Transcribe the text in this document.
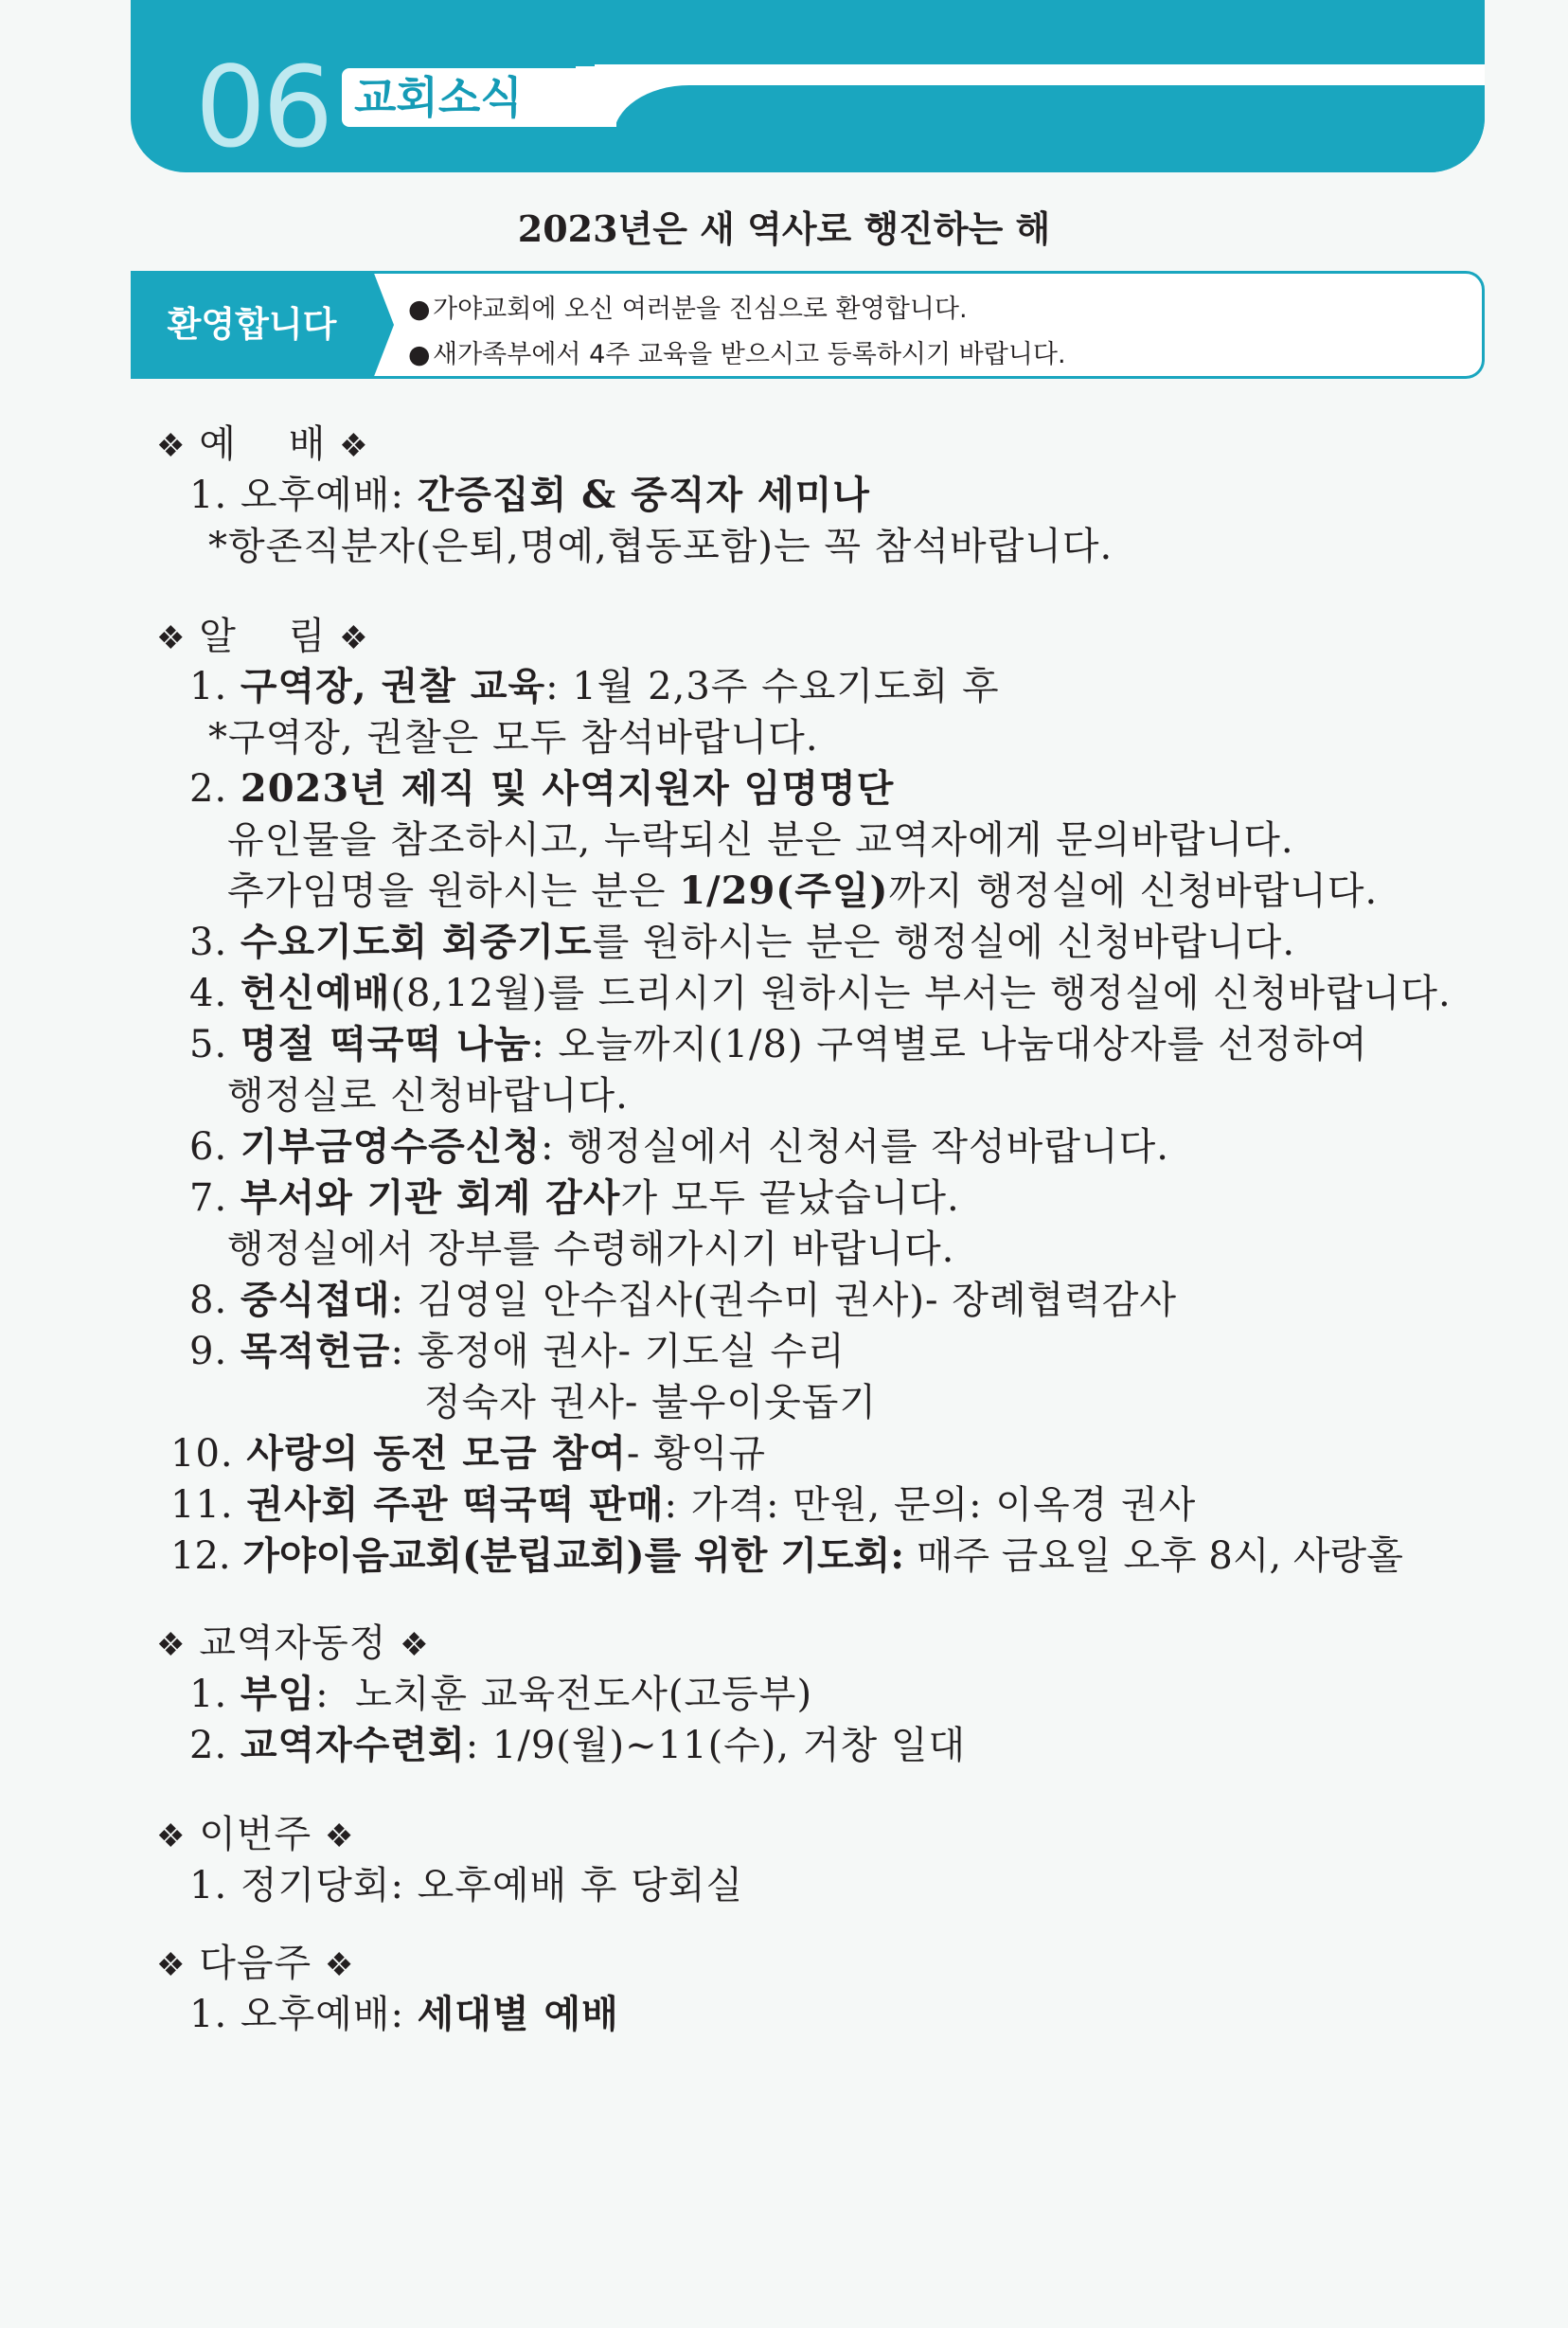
06 교회소식
2023년은 새 역사로 행진하는 해
환영합니다	●가야교회에 오신 여러분을 진심으로 환영합니다.
●새가족부에서 4주 교육을 받으시고 등록하시기 바랍니다.
❖ 예    배 ❖
1. 오후예배: 간증집회 & 중직자 세미나
*항존직분자(은퇴,명예,협동포함)는 꼭 참석바랍니다.
❖ 알    림 ❖
1. 구역장, 권찰 교육: 1월 2,3주 수요기도회 후
*구역장, 권찰은 모두 참석바랍니다.
2. 2023년 제직 및 사역지원자 임명명단
유인물을 참조하시고, 누락되신 분은 교역자에게 문의바랍니다.
추가임명을 원하시는 분은 1/29(주일)까지 행정실에 신청바랍니다.
3. 수요기도회 회중기도를 원하시는 분은 행정실에 신청바랍니다.
4. 헌신예배(8,12월)를 드리시기 원하시는 부서는 행정실에 신청바랍니다.
5. 명절 떡국떡 나눔: 오늘까지(1/8) 구역별로 나눔대상자를 선정하여
행정실로 신청바랍니다.
6. 기부금영수증신청: 행정실에서 신청서를 작성바랍니다.
7. 부서와 기관 회계 감사가 모두 끝났습니다.
행정실에서 장부를 수령해가시기 바랍니다.
8. 중식접대: 김영일 안수집사(권수미 권사)- 장례협력감사
9. 목적헌금: 홍정애 권사- 기도실 수리
정숙자 권사- 불우이웃돕기
10. 사랑의 동전 모금 참여- 황익규
11. 권사회 주관 떡국떡 판매: 가격: 만원, 문의: 이옥경 권사
12. 가야이음교회(분립교회)를 위한 기도회: 매주 금요일 오후 8시, 사랑홀
❖ 교역자동정 ❖
1. 부임:  노치훈 교육전도사(고등부)
2. 교역자수련회: 1/9(월)~11(수), 거창 일대
❖ 이번주 ❖
1. 정기당회: 오후예배 후 당회실
❖ 다음주 ❖
1. 오후예배: 세대별 예배
